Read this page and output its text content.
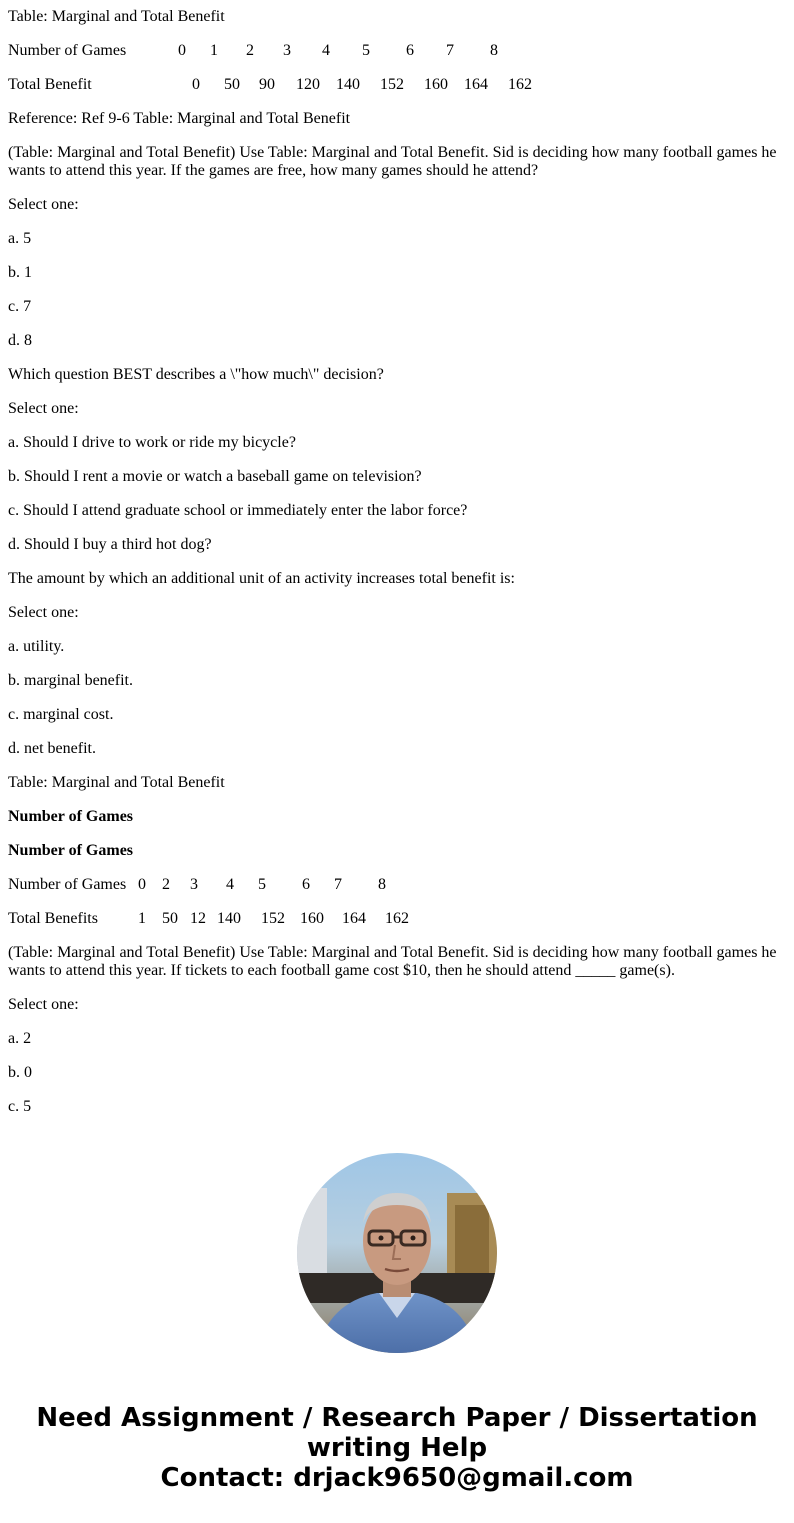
Table: Marginal and Total Benefit
Number of Games	0 1 2 3 4 5 6 7 8
Total Benefit	0 50 90 120 140 152 160 164 162
Reference: Ref 9-6 Table: Marginal and Total Benefit
(Table: Marginal and Total Benefit) Use Table: Marginal and Total Benefit. Sid is deciding how many football games he wants to attend this year. If the games are free, how many games should he attend?
Select one:
a. 5
b. 1
c. 7
d. 8
Which question BEST describes a \"how much\" decision?
Select one:
a. Should I drive to work or ride my bicycle?
b. Should I rent a movie or watch a baseball game on television?
c. Should I attend graduate school or immediately enter the labor force?
d. Should I buy a third hot dog?
The amount by which an additional unit of an activity increases total benefit is:
Select one:
a. utility.
b. marginal benefit.
c. marginal cost.
d. net benefit.
Table: Marginal and Total Benefit
Number of Games
Number of Games
Number of Games 0 2 3 4 5 6 7 8
Total Benefits	1 50 12 140 152 160 164 162
(Table: Marginal and Total Benefit) Use Table: Marginal and Total Benefit. Sid is deciding how many football games he wants to attend this year. If tickets to each football game cost $10, then he should attend _____ game(s).
Select one:
a. 2
b. 0
c. 5
Need Assignment / Research Paper / Dissertation
writing Help
Contact: drjack9650@gmail.com
